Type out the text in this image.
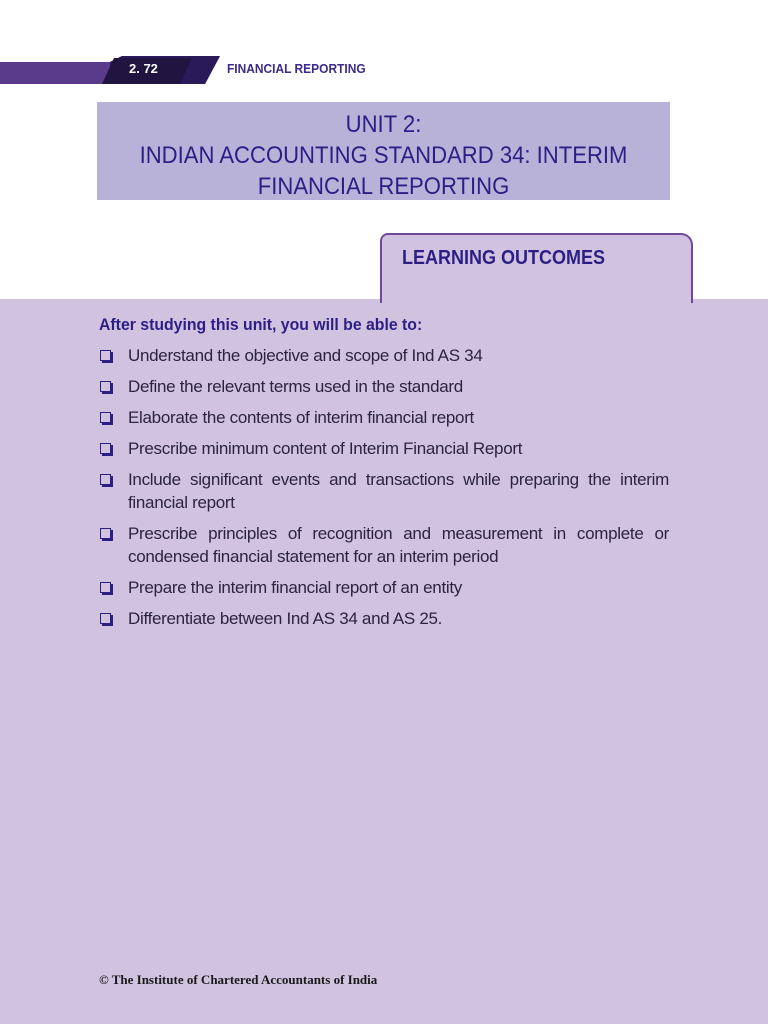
2. 72	FINANCIAL REPORTING
UNIT 2:
INDIAN ACCOUNTING STANDARD 34: INTERIM
FINANCIAL REPORTING
LEARNING OUTCOMES
After studying this unit, you will be able to:
Understand the objective and scope of Ind AS 34
Define the relevant terms used in the standard
Elaborate the contents of interim financial report
Prescribe minimum content of Interim Financial Report
Include significant events and transactions while preparing the interim financial report
Prescribe principles of recognition and measurement in complete or condensed financial statement for an interim period
Prepare the interim financial report of an entity
Differentiate between Ind AS 34 and AS 25.
© The Institute of Chartered Accountants of India
